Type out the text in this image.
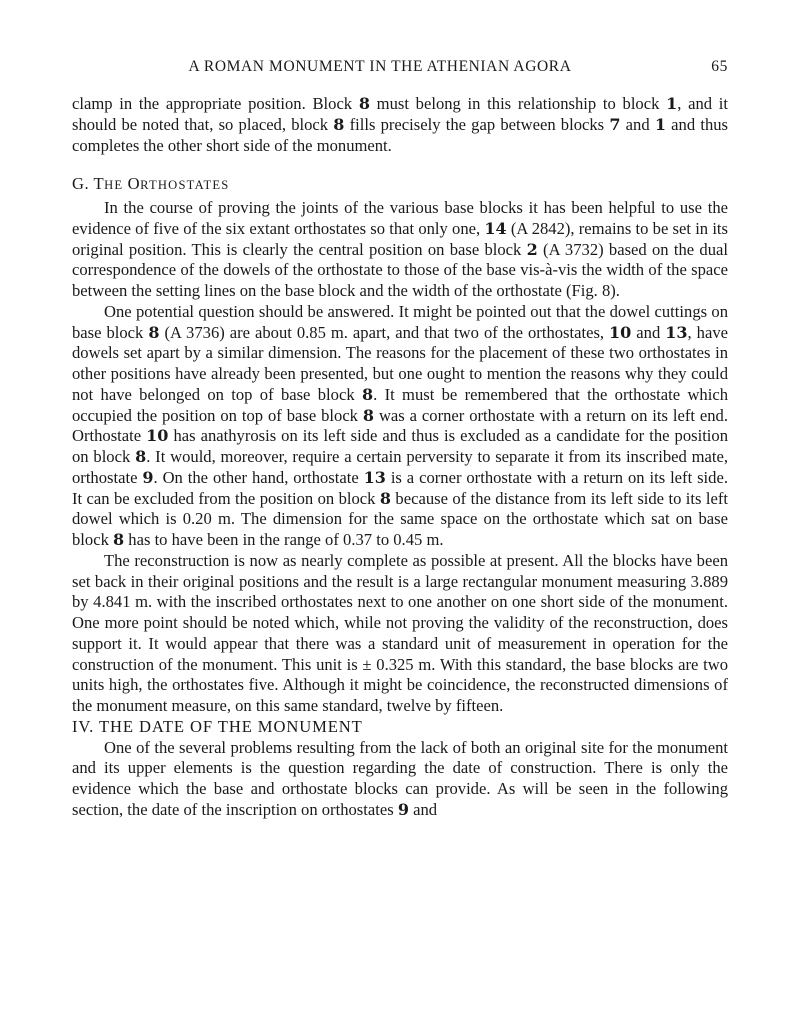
A ROMAN MONUMENT IN THE ATHENIAN AGORA	65

clamp in the appropriate position. Block 8 must belong in this relationship to block 1, and it should be noted that, so placed, block 8 fills precisely the gap between blocks 7 and 1 and thus completes the other short side of the monument.

G. THE ORTHOSTATES

In the course of proving the joints of the various base blocks it has been helpful to use the evidence of five of the six extant orthostates so that only one, 14 (A 2842), remains to be set in its original position. This is clearly the central position on base block 2 (A 3732) based on the dual correspondence of the dowels of the orthostate to those of the base vis-à-vis the width of the space between the setting lines on the base block and the width of the orthostate (Fig. 8).

One potential question should be answered. It might be pointed out that the dowel cuttings on base block 8 (A 3736) are about 0.85 m. apart, and that two of the orthostates, 10 and 13, have dowels set apart by a similar dimension. The reasons for the placement of these two orthostates in other positions have already been presented, but one ought to mention the reasons why they could not have belonged on top of base block 8. It must be remembered that the orthostate which occupied the position on top of base block 8 was a corner orthostate with a return on its left end. Orthostate 10 has anathyrosis on its left side and thus is excluded as a candidate for the position on block 8. It would, moreover, require a certain perversity to separate it from its inscribed mate, orthostate 9. On the other hand, orthostate 13 is a corner orthostate with a return on its left side. It can be excluded from the position on block 8 because of the distance from its left side to its left dowel which is 0.20 m. The dimension for the same space on the orthostate which sat on base block 8 has to have been in the range of 0.37 to 0.45 m.

The reconstruction is now as nearly complete as possible at present. All the blocks have been set back in their original positions and the result is a large rectangular monument measuring 3.889 by 4.841 m. with the inscribed orthostates next to one another on one short side of the monument. One more point should be noted which, while not proving the validity of the reconstruction, does support it. It would appear that there was a standard unit of measurement in operation for the construction of the monument. This unit is ± 0.325 m. With this standard, the base blocks are two units high, the orthostates five. Although it might be coincidence, the reconstructed dimensions of the monument measure, on this same standard, twelve by fifteen.

IV. THE DATE OF THE MONUMENT

One of the several problems resulting from the lack of both an original site for the monument and its upper elements is the question regarding the date of construction. There is only the evidence which the base and orthostate blocks can provide. As will be seen in the following section, the date of the inscription on orthostates 9 and
